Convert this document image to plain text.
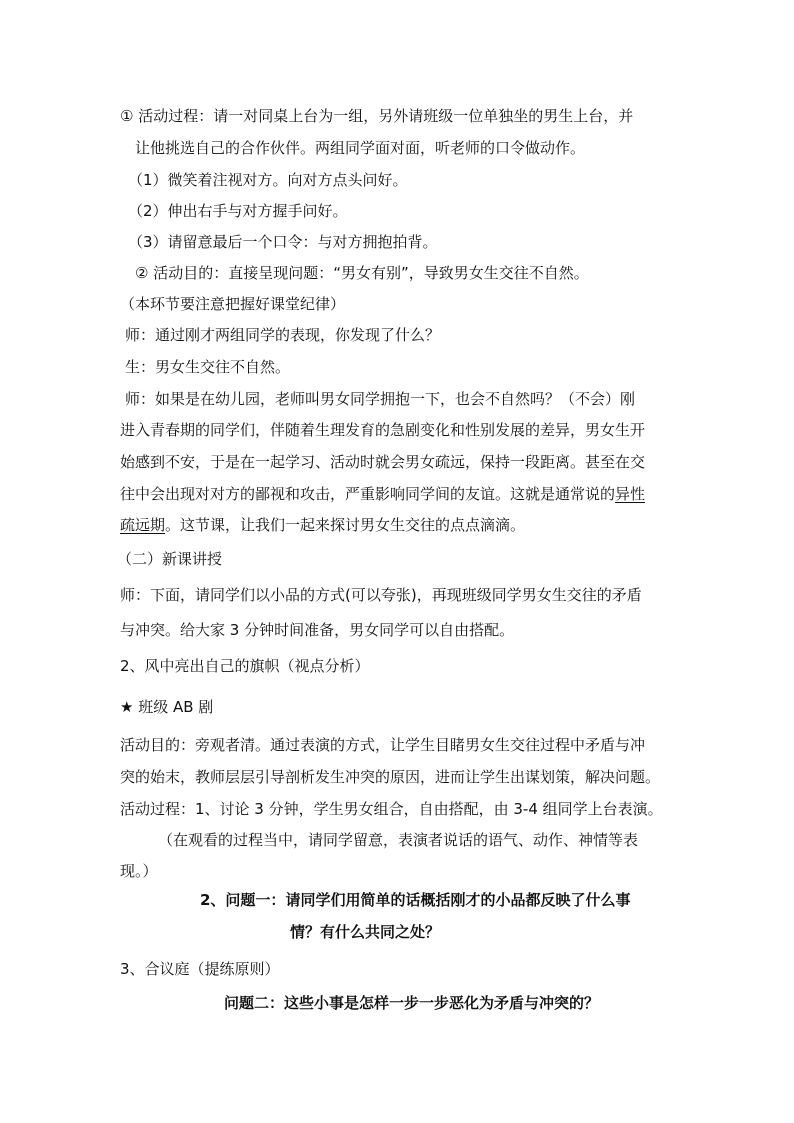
① 活动过程：请一对同桌上台为一组，另外请班级一位单独坐的男生上台，并
让他挑选自己的合作伙伴。两组同学面对面，听老师的口令做动作。
（1）微笑着注视对方。向对方点头问好。
（2）伸出右手与对方握手问好。
（3）请留意最后一个口令：与对方拥抱拍背。
② 活动目的：直接呈现问题：“男女有别”，导致男女生交往不自然。
（本环节要注意把握好课堂纪律）
师：通过刚才两组同学的表现，你发现了什么？
生：男女生交往不自然。
师：如果是在幼儿园，老师叫男女同学拥抱一下，也会不自然吗？（不会）刚
进入青春期的同学们，伴随着生理发育的急剧变化和性别发展的差异，男女生开
始感到不安，于是在一起学习、活动时就会男女疏远，保持一段距离。甚至在交
往中会出现对对方的鄙视和攻击，严重影响同学间的友谊。这就是通常说的异性
疏远期。这节课，让我们一起来探讨男女生交往的点点滴滴。
（二）新课讲授
师：下面，请同学们以小品的方式(可以夸张)，再现班级同学男女生交往的矛盾
与冲突。给大家 3 分钟时间准备，男女同学可以自由搭配。
2、风中亮出自己的旗帜（视点分析）
★ 班级 AB 剧
活动目的：旁观者清。通过表演的方式，让学生目睹男女生交往过程中矛盾与冲
突的始末，教师层层引导剖析发生冲突的原因，进而让学生出谋划策，解决问题。
活动过程：1、讨论 3 分钟，学生男女组合，自由搭配，由 3-4 组同学上台表演。
（在观看的过程当中，请同学留意，表演者说话的语气、动作、神情等表
现。）
2、问题一：请同学们用简单的话概括刚才的小品都反映了什么事
情？有什么共同之处？
3、合议庭（提练原则）
问题二：这些小事是怎样一步一步恶化为矛盾与冲突的？
